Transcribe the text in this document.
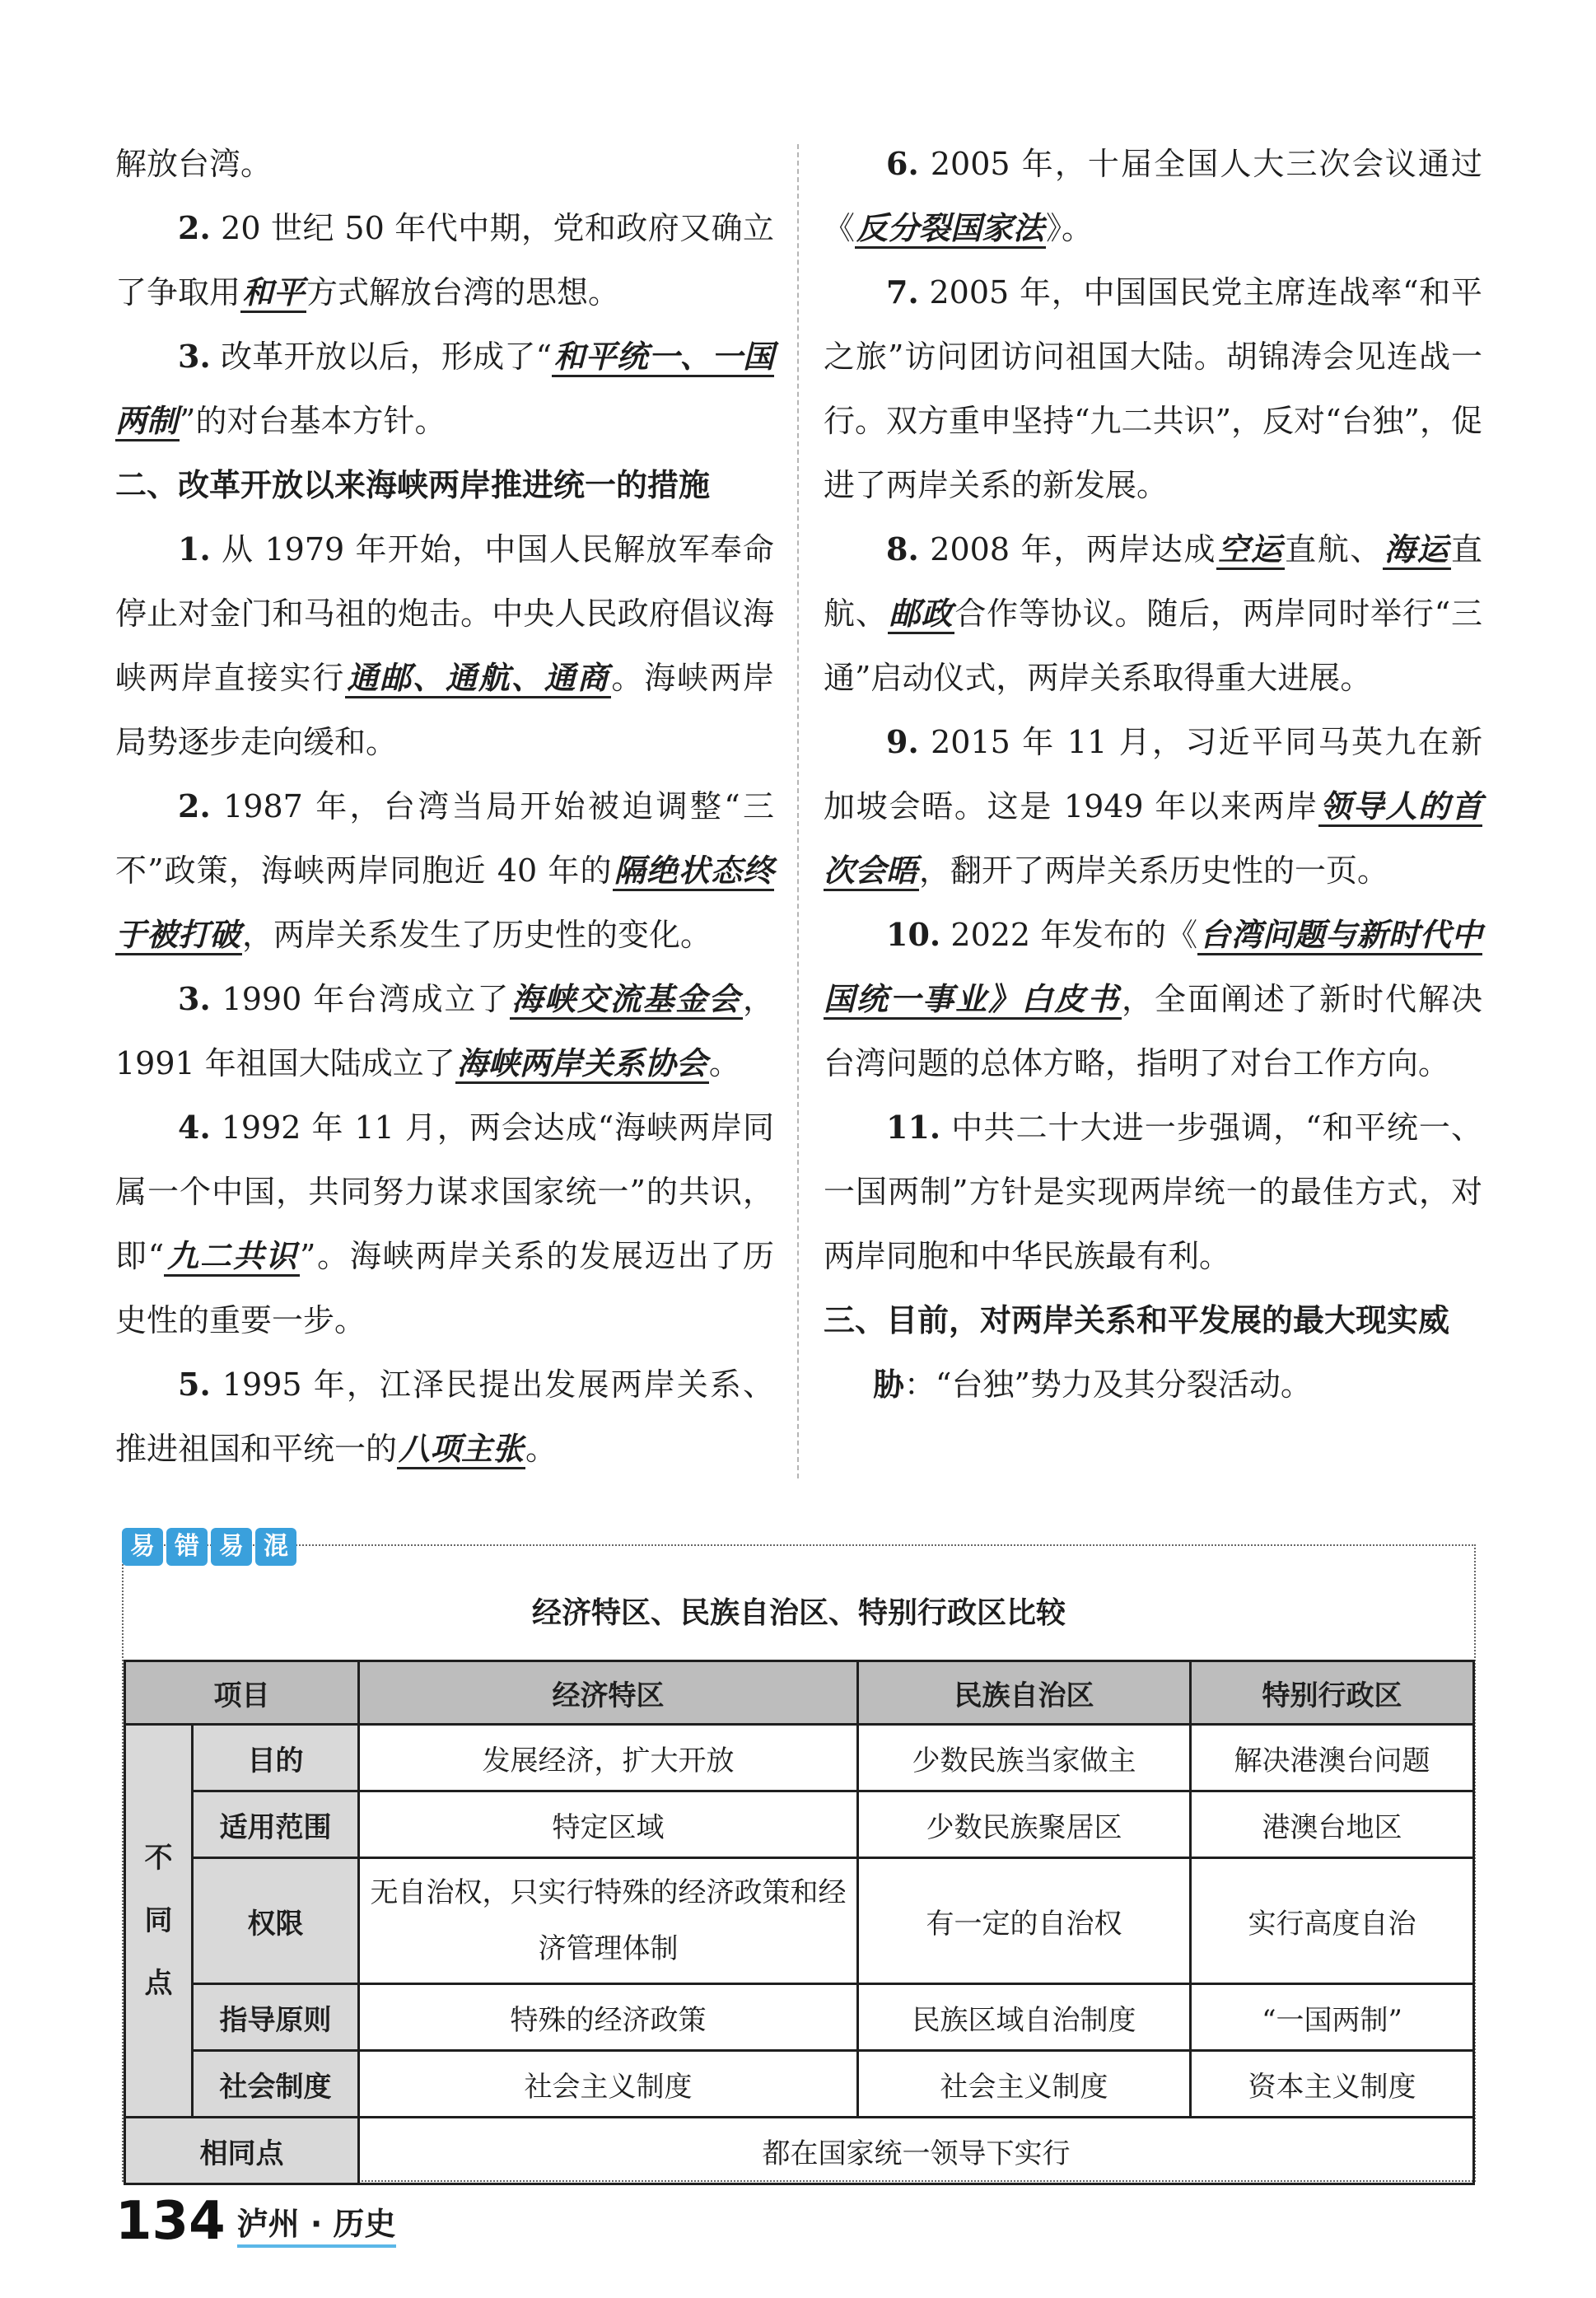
解放台湾。

2. 20 世纪 50 年代中期，党和政府又确立了争取用和平方式解放台湾的思想。

3. 改革开放以后，形成了“和平统一、一国两制”的对台基本方针。

二、改革开放以来海峡两岸推进统一的措施

1. 从 1979 年开始，中国人民解放军奉命停止对金门和马祖的炮击。中央人民政府倡议海峡两岸直接实行通邮、通航、通商。海峡两岸局势逐步走向缓和。

2. 1987 年，台湾当局开始被迫调整“三不”政策，海峡两岸同胞近 40 年的隔绝状态终于被打破，两岸关系发生了历史性的变化。

3. 1990 年台湾成立了海峡交流基金会，1991 年祖国大陆成立了海峡两岸关系协会。

4. 1992 年 11 月，两会达成“海峡两岸同属一个中国，共同努力谋求国家统一”的共识，即“九二共识”。海峡两岸关系的发展迈出了历史性的重要一步。

5. 1995 年，江泽民提出发展两岸关系、推进祖国和平统一的八项主张。

6. 2005 年，十届全国人大三次会议通过《反分裂国家法》。

7. 2005 年，中国国民党主席连战率“和平之旅”访问团访问祖国大陆。胡锦涛会见连战一行。双方重申坚持“九二共识”，反对“台独”，促进了两岸关系的新发展。

8. 2008 年，两岸达成空运直航、海运直航、邮政合作等协议。随后，两岸同时举行“三通”启动仪式，两岸关系取得重大进展。

9. 2015 年 11 月，习近平同马英九在新加坡会晤。这是 1949 年以来两岸领导人的首次会晤，翻开了两岸关系历史性的一页。

10. 2022 年发布的《台湾问题与新时代中国统一事业》白皮书，全面阐述了新时代解决台湾问题的总体方略，指明了对台工作方向。

11. 中共二十大进一步强调，“和平统一、一国两制”方针是实现两岸统一的最佳方式，对两岸同胞和中华民族最有利。

三、目前，对两岸关系和平发展的最大现实威

胁：“台独”势力及其分裂活动。

易 错 易 混
经济特区、民族自治区、特别行政区比较
项目		经济特区	民族自治区	特别行政区

不
同
点	目的	发展经济，扩大开放	少数民族当家做主	解决港澳台问题
	适用范围	特定区域	少数民族聚居区	港澳台地区
	权限	无自治权，只实行特殊的经济政策和经济管理体制	有一定的自治权	实行高度自治
	指导原则	特殊的经济政策	民族区域自治制度	“一国两制”
	社会制度	社会主义制度	社会主义制度	资本主义制度
相同点		都在国家统一领导下实行		
134 泸州 · 历史
